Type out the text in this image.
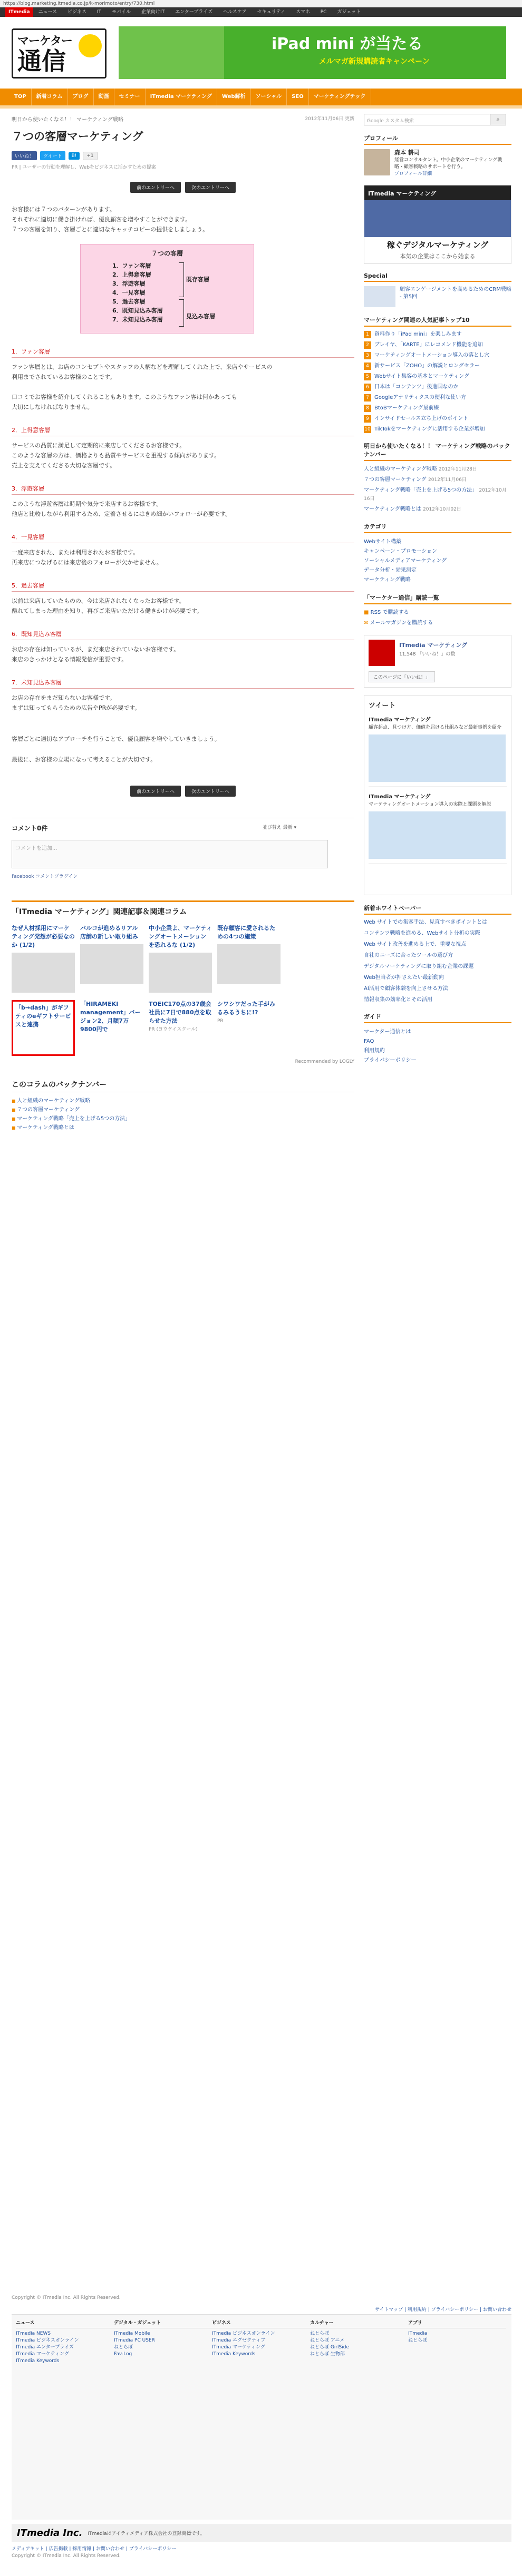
https://blog.marketing.itmedia.co.jp/k-morimoto/entry/730.html
ITmedia	ニュース	ビジネス	IT	モバイル	企業向けIT	エンタープライズ	ヘルスケア	セキュリティ	スマホ	PC	ガジェット
マーケター
通信
iPad mini が当たる
メルマガ新規購読者キャンペーン
TOP	新着コラム	ブログ	動画	セミナー	ITmedia マーケティング	Web解析	ソーシャル	SEO	マーケティングテック
明日から使いたくなる！！ マーケティング戦略	2012年11月06日 更新
７つの客層マーケティング
いいね！	ツイート	B!	+1
PR | ユーザーの行動を理解し、Webをビジネスに活かすための提案
前のエントリーへ	次のエントリーへ

お客様には７つのパターンがあります。

それぞれに適切に働き掛ければ、優良顧客を増やすことができます。

７つの客層を知り、客層ごとに適切なキャッチコピーの提供をしましょう。

７つの客層
1．ファン客層
2．上得意客層
3．浮遊客層
4．一見客層
5．過去客層
6．既知見込み客層
7．未知見込み客層
既存客層
見込み客層
1．ファン客層

ファン客層とは、お店のコンセプトやスタッフの人柄などを理解してくれた上で、来店やサービスの

利用までされているお客様のことです。

口コミでお客様を紹介してくれることもあります。このようなファン客は何かあっても

大切にしなければなりません。

2．上得意客層

サービスの品質に満足して定期的に来店してくださるお客様です。

このような客層の方は、価格よりも品質やサービスを重視する傾向があります。

売上を支えてくださる大切な客層です。

3．浮遊客層

このような浮遊客層は時期や気分で来店するお客様です。

他店と比較しながら利用するため、定着させるにはきめ細かいフォローが必要です。

4．一見客層

一度来店された、または利用されたお客様です。

再来店につなげるには来店後のフォローが欠かせません。

5．過去客層

以前は来店していたものの、今は来店されなくなったお客様です。

離れてしまった理由を知り、再びご来店いただける働きかけが必要です。

6．既知見込み客層

お店の存在は知っているが、まだ来店されていないお客様です。

来店のきっかけとなる情報発信が重要です。

7．未知見込み客層

お店の存在をまだ知らないお客様です。

まずは知ってもらうための広告やPRが必要です。

客層ごとに適切なアプローチを行うことで、優良顧客を増やしていきましょう。

最後に、お客様の立場になって考えることが大切です。

前のエントリーへ	次のエントリーへ
コメント0件	並び替え 最新 ▾
コメントを追加...
Facebook コメントプラグイン
「ITmedia マーケティング」関連記事＆関連コラム
なぜ人材採用にマーケティング発想が必要なのか (1/2)
パルコが進めるリアル店舗の新しい取り組み
中小企業よ、マーケティングオートメーションを恐れるな (1/2)
既存顧客に愛されるための4つの施策
「b→dash」がギフティのeギフトサービスと連携
「HIRAMEKI management」バージョン2、月額7万9800円で
TOEIC170点の37歳会社員に7日で880点を取らせた方法
PR (ヨウケイスクール)
シワシワだった手がみるみるうちに!?
PR
Recommended by LOGLY
このコラムのバックナンバー
■ 人と組織のマーケティング戦略
■ ７つの客層マーケティング
■ マーケティング戦略「売上を上げる5つの方法」
■ マーケティング戦略とは
Google カスタム検索	⌕
プロフィール
森本 耕司
経営コンサルタント。中小企業のマーケティング戦略・顧客戦略のサポートを行う。
プロフィール詳細
ITmedia マーケティング
稼ぐデジタルマーケティング
本気の企業はここから始まる
Special
顧客エンゲージメントを高めるためのCRM戦略 - 第5回
マーケティング関連の人気記事トップ10
1	資料作り「iPad mini」を楽しみます
2	ブレイヤ、「KARTE」にレコメンド機能を追加
3	マーケティングオートメーション導入の落とし穴
4	新サービス「ZOHO」の解説とロングセラー
5	Webサイト集客の基本とマーケティング
6	日本は「コンテンツ」後進国なのか
7	Googleアナリティクスの便利な使い方
8	BtoBマーケティング最前線
9	インサイドセールス立ち上げのポイント
10 TikTokをマーケティングに活用する企業が増加
明日から使いたくなる！！ マーケティング戦略のバックナンバー
人と組織のマーケティング戦略 2012年11月28日
７つの客層マーケティング 2012年11月06日
マーケティング戦略「売上を上げる5つの方法」 2012年10月16日
マーケティング戦略とは 2012年10月02日
カテゴリ
Webサイト構築
キャンペーン・プロモーション
ソーシャルメディアマーケティング
データ分析・効果測定
マーケティング戦略
「マーケター通信」購読一覧
■ RSS で購読する
✉ メールマガジンを購読する
ITmedia マーケティング
11,548 「いいね！」の数
このページに「いいね！」
ツイート
ITmedia マーケティング
顧客起点、見つけ方、価値を届ける仕組みなど最新事例を紹介
ITmedia マーケティング
マーケティングオートメーション導入の実際と課題を解説
新着ホワイトペーパー
Web サイトでの集客手法、見直すべきポイントとは
コンテンツ戦略を進める、Webサイト分析の実際
Web サイト改善を進める上で、重要な視点
自社のニーズに合ったツールの選び方
デジタルマーケティングに取り組む企業の課題
Web担当者が押さえたい最新動向
AI活用で顧客体験を向上させる方法
情報収集の効率化とその活用
ガイド
マーケター通信とは
FAQ
利用規約
プライバシーポリシー
Copyright © ITmedia Inc. All Rights Reserved.
サイトマップ | 利用規約 | プライバシーポリシー | お問い合わせ
ニュース
ITmedia NEWS
ITmedia ビジネスオンライン
ITmedia エンタープライズ
ITmedia マーケティング
ITmedia Keywords
デジタル・ガジェット
ITmedia Mobile
ITmedia PC USER
ねとらぼ
Fav-Log
ビジネス
ITmedia ビジネスオンライン
ITmedia エグゼクティブ
ITmedia マーケティング
ITmedia Keywords
カルチャー
ねとらぼ
ねとらぼ アニメ
ねとらぼ GirlSide
ねとらぼ 生物部
アプリ
ITmedia
ねとらぼ
ITmedia Inc. ITmediaはアイティメディア株式会社の登録商標です。
メディアキット | 広告掲載 | 採用情報 | お問い合わせ | プライバシーポリシー
Copyright © ITmedia Inc. All Rights Reserved.
